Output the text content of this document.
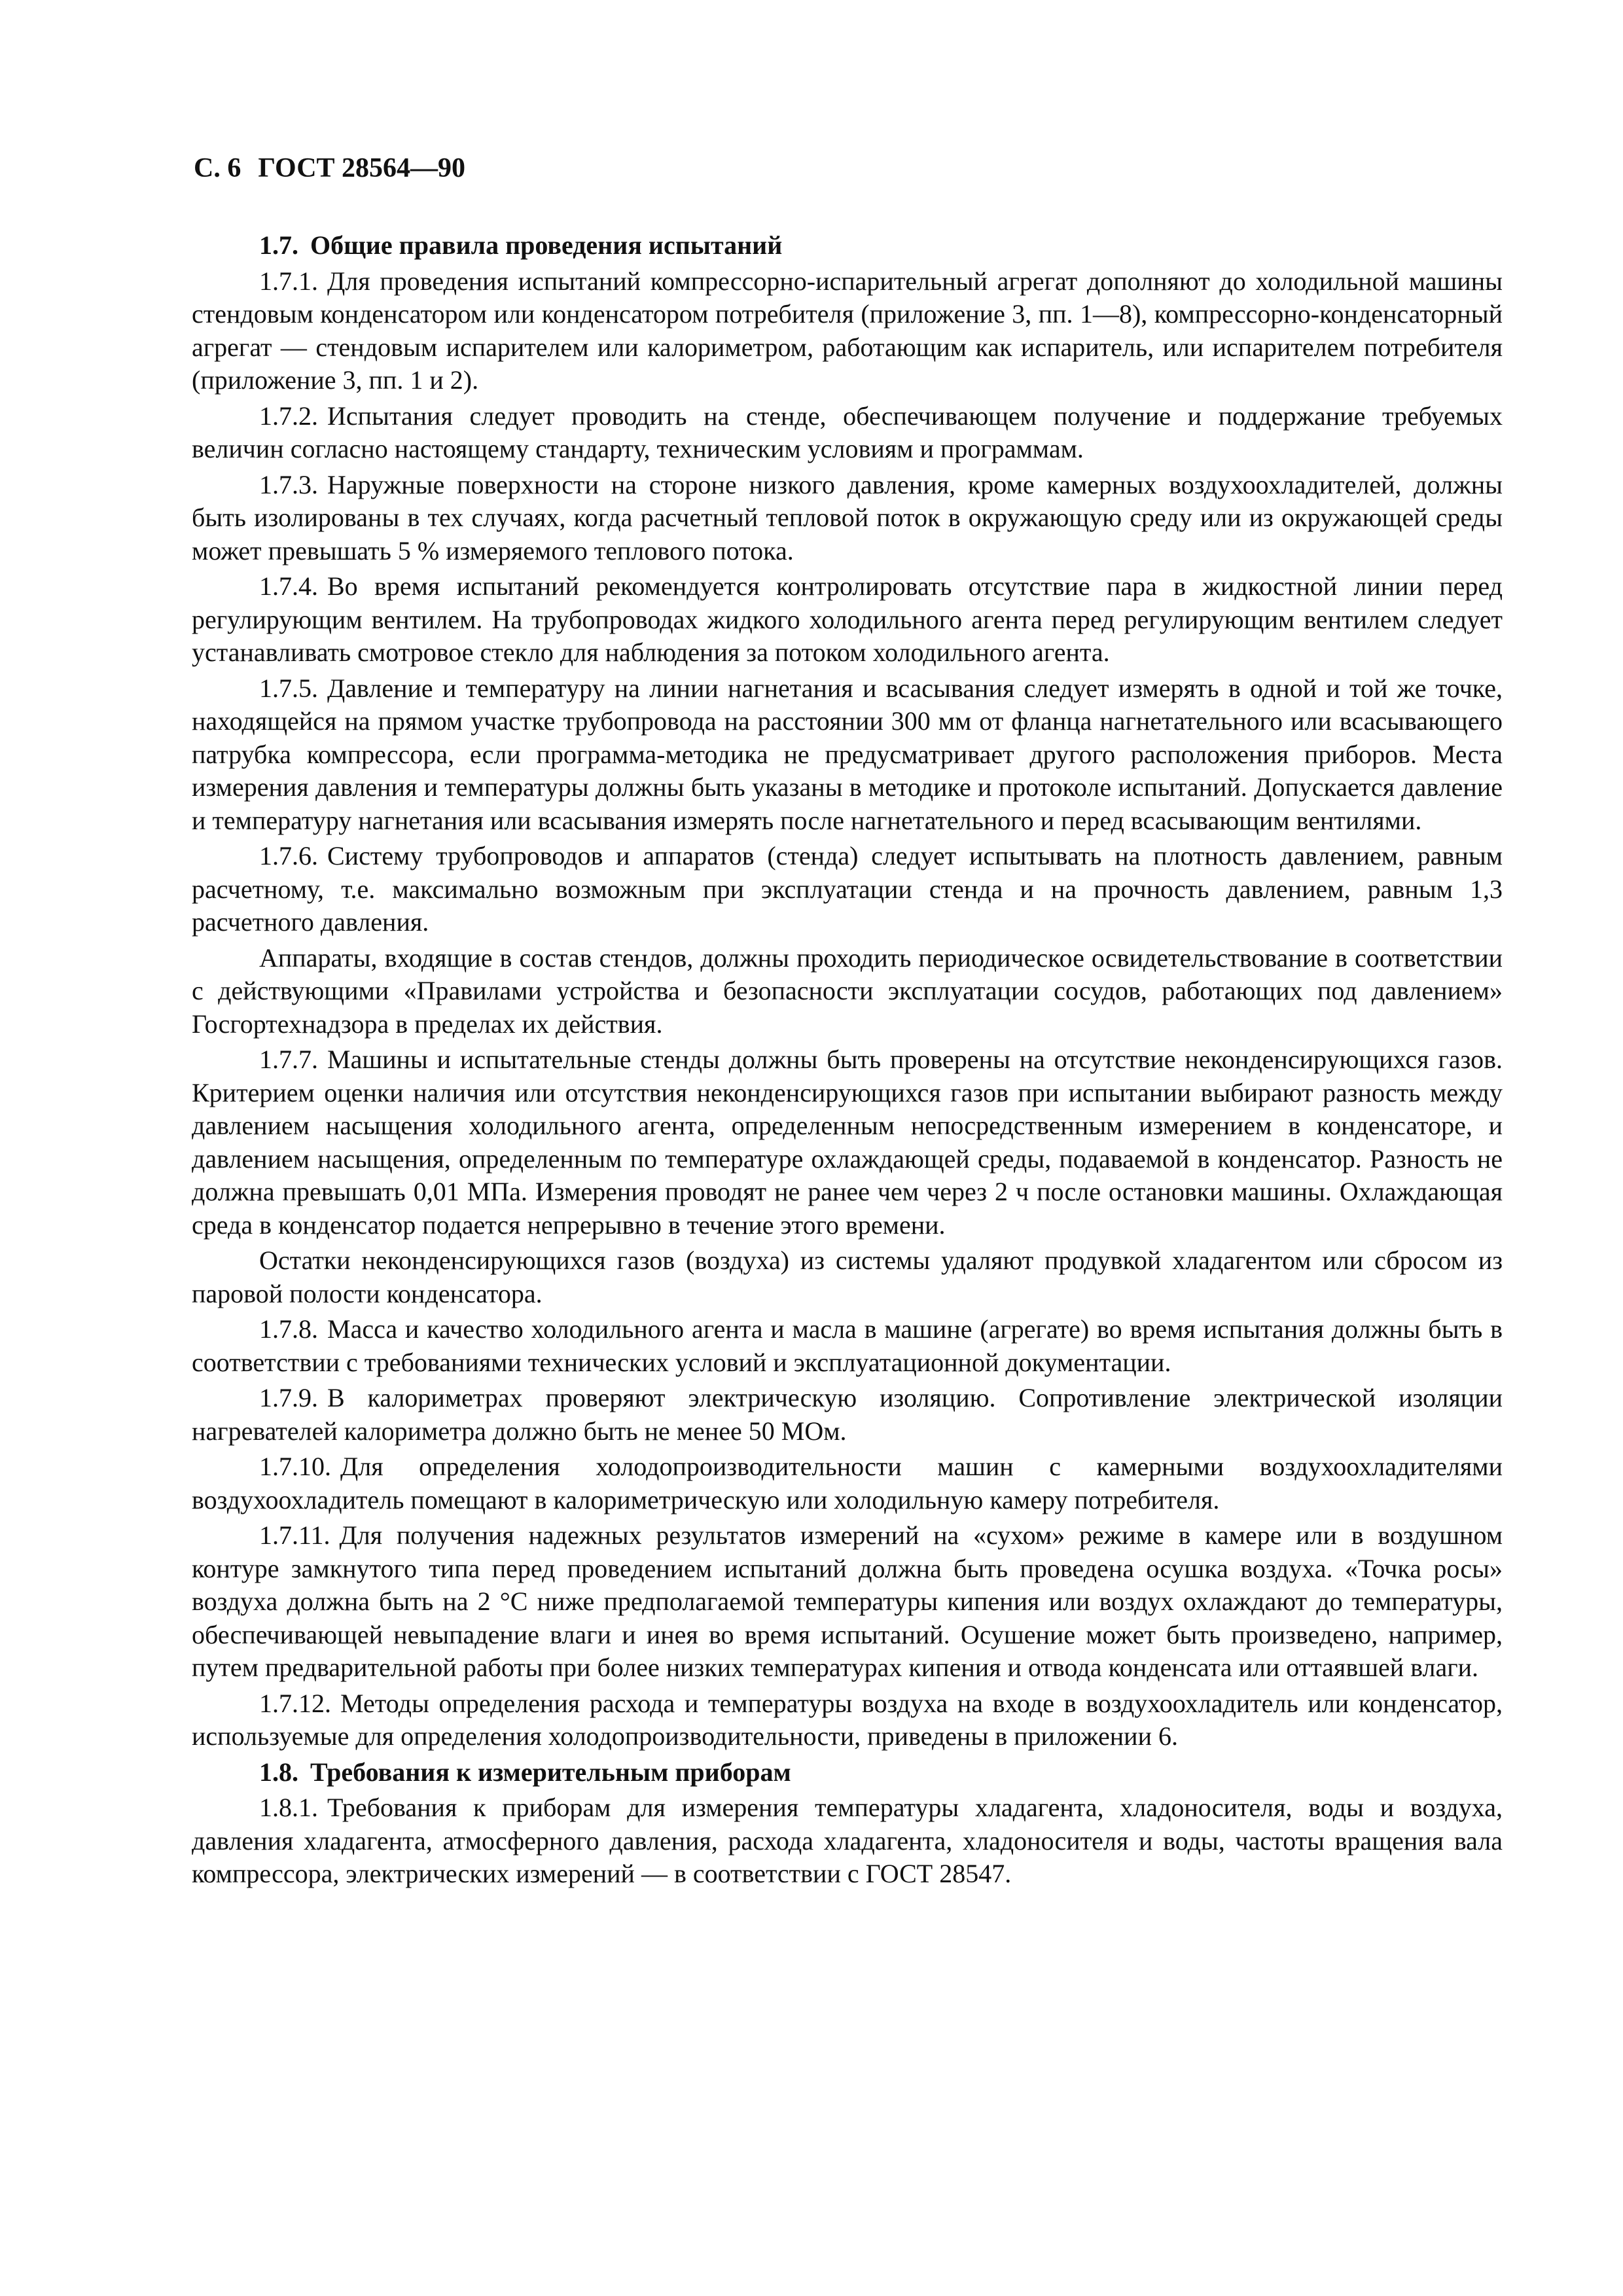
С. 6 ГОСТ 28564—90

1.7. Общие правила проведения испытаний

1.7.1. Для проведения испытаний компрессорно-испарительный агрегат дополняют до холодильной машины стендовым конденсатором или конденсатором потребителя (приложение 3, пп. 1—8), компрессорно-конденсаторный агрегат — стендовым испарителем или калориметром, работающим как испаритель, или испарителем потребителя (приложение 3, пп. 1 и 2).

1.7.2. Испытания следует проводить на стенде, обеспечивающем получение и поддержание требуемых величин согласно настоящему стандарту, техническим условиям и программам.

1.7.3. Наружные поверхности на стороне низкого давления, кроме камерных воздухоохладителей, должны быть изолированы в тех случаях, когда расчетный тепловой поток в окружающую среду или из окружающей среды может превышать 5 % измеряемого теплового потока.

1.7.4. Во время испытаний рекомендуется контролировать отсутствие пара в жидкостной линии перед регулирующим вентилем. На трубопроводах жидкого холодильного агента перед регулирующим вентилем следует устанавливать смотровое стекло для наблюдения за потоком холодильного агента.

1.7.5. Давление и температуру на линии нагнетания и всасывания следует измерять в одной и той же точке, находящейся на прямом участке трубопровода на расстоянии 300 мм от фланца нагнетательного или всасывающего патрубка компрессора, если программа-методика не предусматривает другого расположения приборов. Места измерения давления и температуры должны быть указаны в методике и протоколе испытаний. Допускается давление и температуру нагнетания или всасывания измерять после нагнетательного и перед всасывающим вентилями.

1.7.6. Систему трубопроводов и аппаратов (стенда) следует испытывать на плотность давлением, равным расчетному, т.е. максимально возможным при эксплуатации стенда и на прочность давлением, равным 1,3 расчетного давления.

Аппараты, входящие в состав стендов, должны проходить периодическое освидетельствование в соответствии с действующими «Правилами устройства и безопасности эксплуатации сосудов, работающих под давлением» Госгортехнадзора в пределах их действия.

1.7.7. Машины и испытательные стенды должны быть проверены на отсутствие неконденсирующихся газов. Критерием оценки наличия или отсутствия неконденсирующихся газов при испытании выбирают разность между давлением насыщения холодильного агента, определенным непосредственным измерением в конденсаторе, и давлением насыщения, определенным по температуре охлаждающей среды, подаваемой в конденсатор. Разность не должна превышать 0,01 МПа. Измерения проводят не ранее чем через 2 ч после остановки машины. Охлаждающая среда в конденсатор подается непрерывно в течение этого времени.

Остатки неконденсирующихся газов (воздуха) из системы удаляют продувкой хладагентом или сбросом из паровой полости конденсатора.

1.7.8. Масса и качество холодильного агента и масла в машине (агрегате) во время испытания должны быть в соответствии с требованиями технических условий и эксплуатационной документации.

1.7.9. В калориметрах проверяют электрическую изоляцию. Сопротивление электрической изоляции нагревателей калориметра должно быть не менее 50 МОм.

1.7.10. Для определения холодопроизводительности машин с камерными воздухоохладителями воздухоохладитель помещают в калориметрическую или холодильную камеру потребителя.

1.7.11. Для получения надежных результатов измерений на «сухом» режиме в камере или в воздушном контуре замкнутого типа перед проведением испытаний должна быть проведена осушка воздуха. «Точка росы» воздуха должна быть на 2 °С ниже предполагаемой температуры кипения или воздух охлаждают до температуры, обеспечивающей невыпадение влаги и инея во время испытаний. Осушение может быть произведено, например, путем предварительной работы при более низких температурах кипения и отвода конденсата или оттаявшей влаги.

1.7.12. Методы определения расхода и температуры воздуха на входе в воздухоохладитель или конденсатор, используемые для определения холодопроизводительности, приведены в приложении 6.

1.8. Требования к измерительным приборам

1.8.1. Требования к приборам для измерения температуры хладагента, хладоносителя, воды и воздуха, давления хладагента, атмосферного давления, расхода хладагента, хладоносителя и воды, частоты вращения вала компрессора, электрических измерений — в соответствии с ГОСТ 28547.
